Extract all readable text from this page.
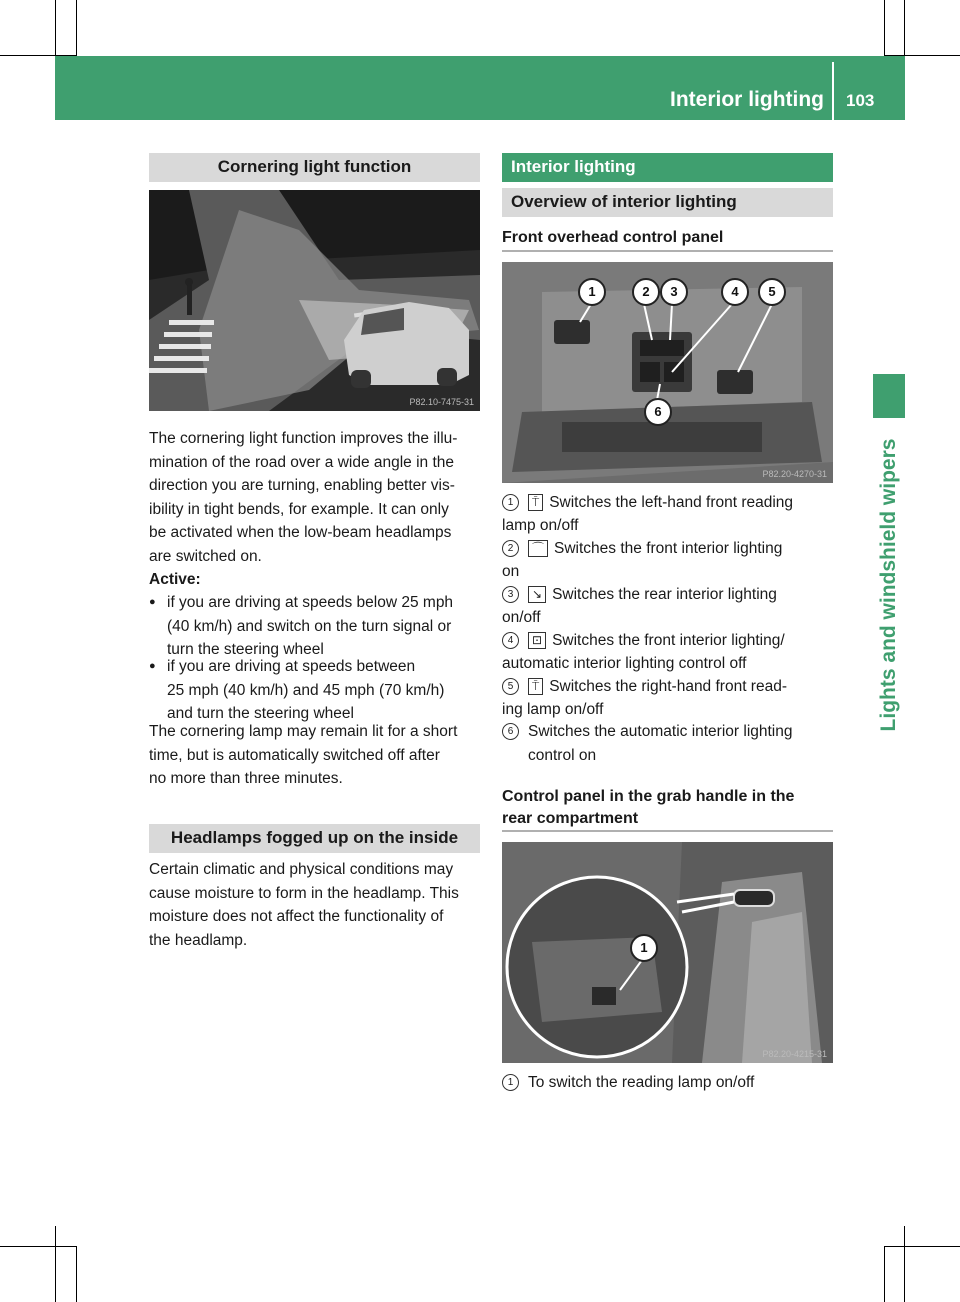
Interior lighting 103
Lights and windshield wipers
Cornering light function
P82.10-7475-31
The cornering light function improves the illu-
mination of the road over a wide angle in the
direction you are turning, enabling better vis-
ibility in tight bends, for example. It can only
be activated when the low-beam headlamps
are switched on.
Active:
● if you are driving at speeds below 25 mph
(40 km/h) and switch on the turn signal or
turn the steering wheel
● if you are driving at speeds between
25 mph (40 km/h) and 45 mph (70 km/h)
and turn the steering wheel
The cornering lamp may remain lit for a short
time, but is automatically switched off after
no more than three minutes.
Headlamps fogged up on the inside
Certain climatic and physical conditions may
cause moisture to form in the headlamp. This
moisture does not affect the functionality of
the headlamp.
Interior lighting
Overview of interior lighting
Front overhead control panel
1	2	3	4	5
6
P82.20-4270-31
1	⍑ Switches the left-hand front reading
lamp on/off
2	⌒ Switches the front interior lighting
on
3	↘ Switches the rear interior lighting
on/off
4	⊡ Switches the front interior lighting/
automatic interior lighting control off
5	⍑ Switches the right-hand front read-
ing lamp on/off
6 Switches the automatic interior lighting
control on
Control panel in the grab handle in the
rear compartment
1
P82.20-4215-31
1 To switch the reading lamp on/off
